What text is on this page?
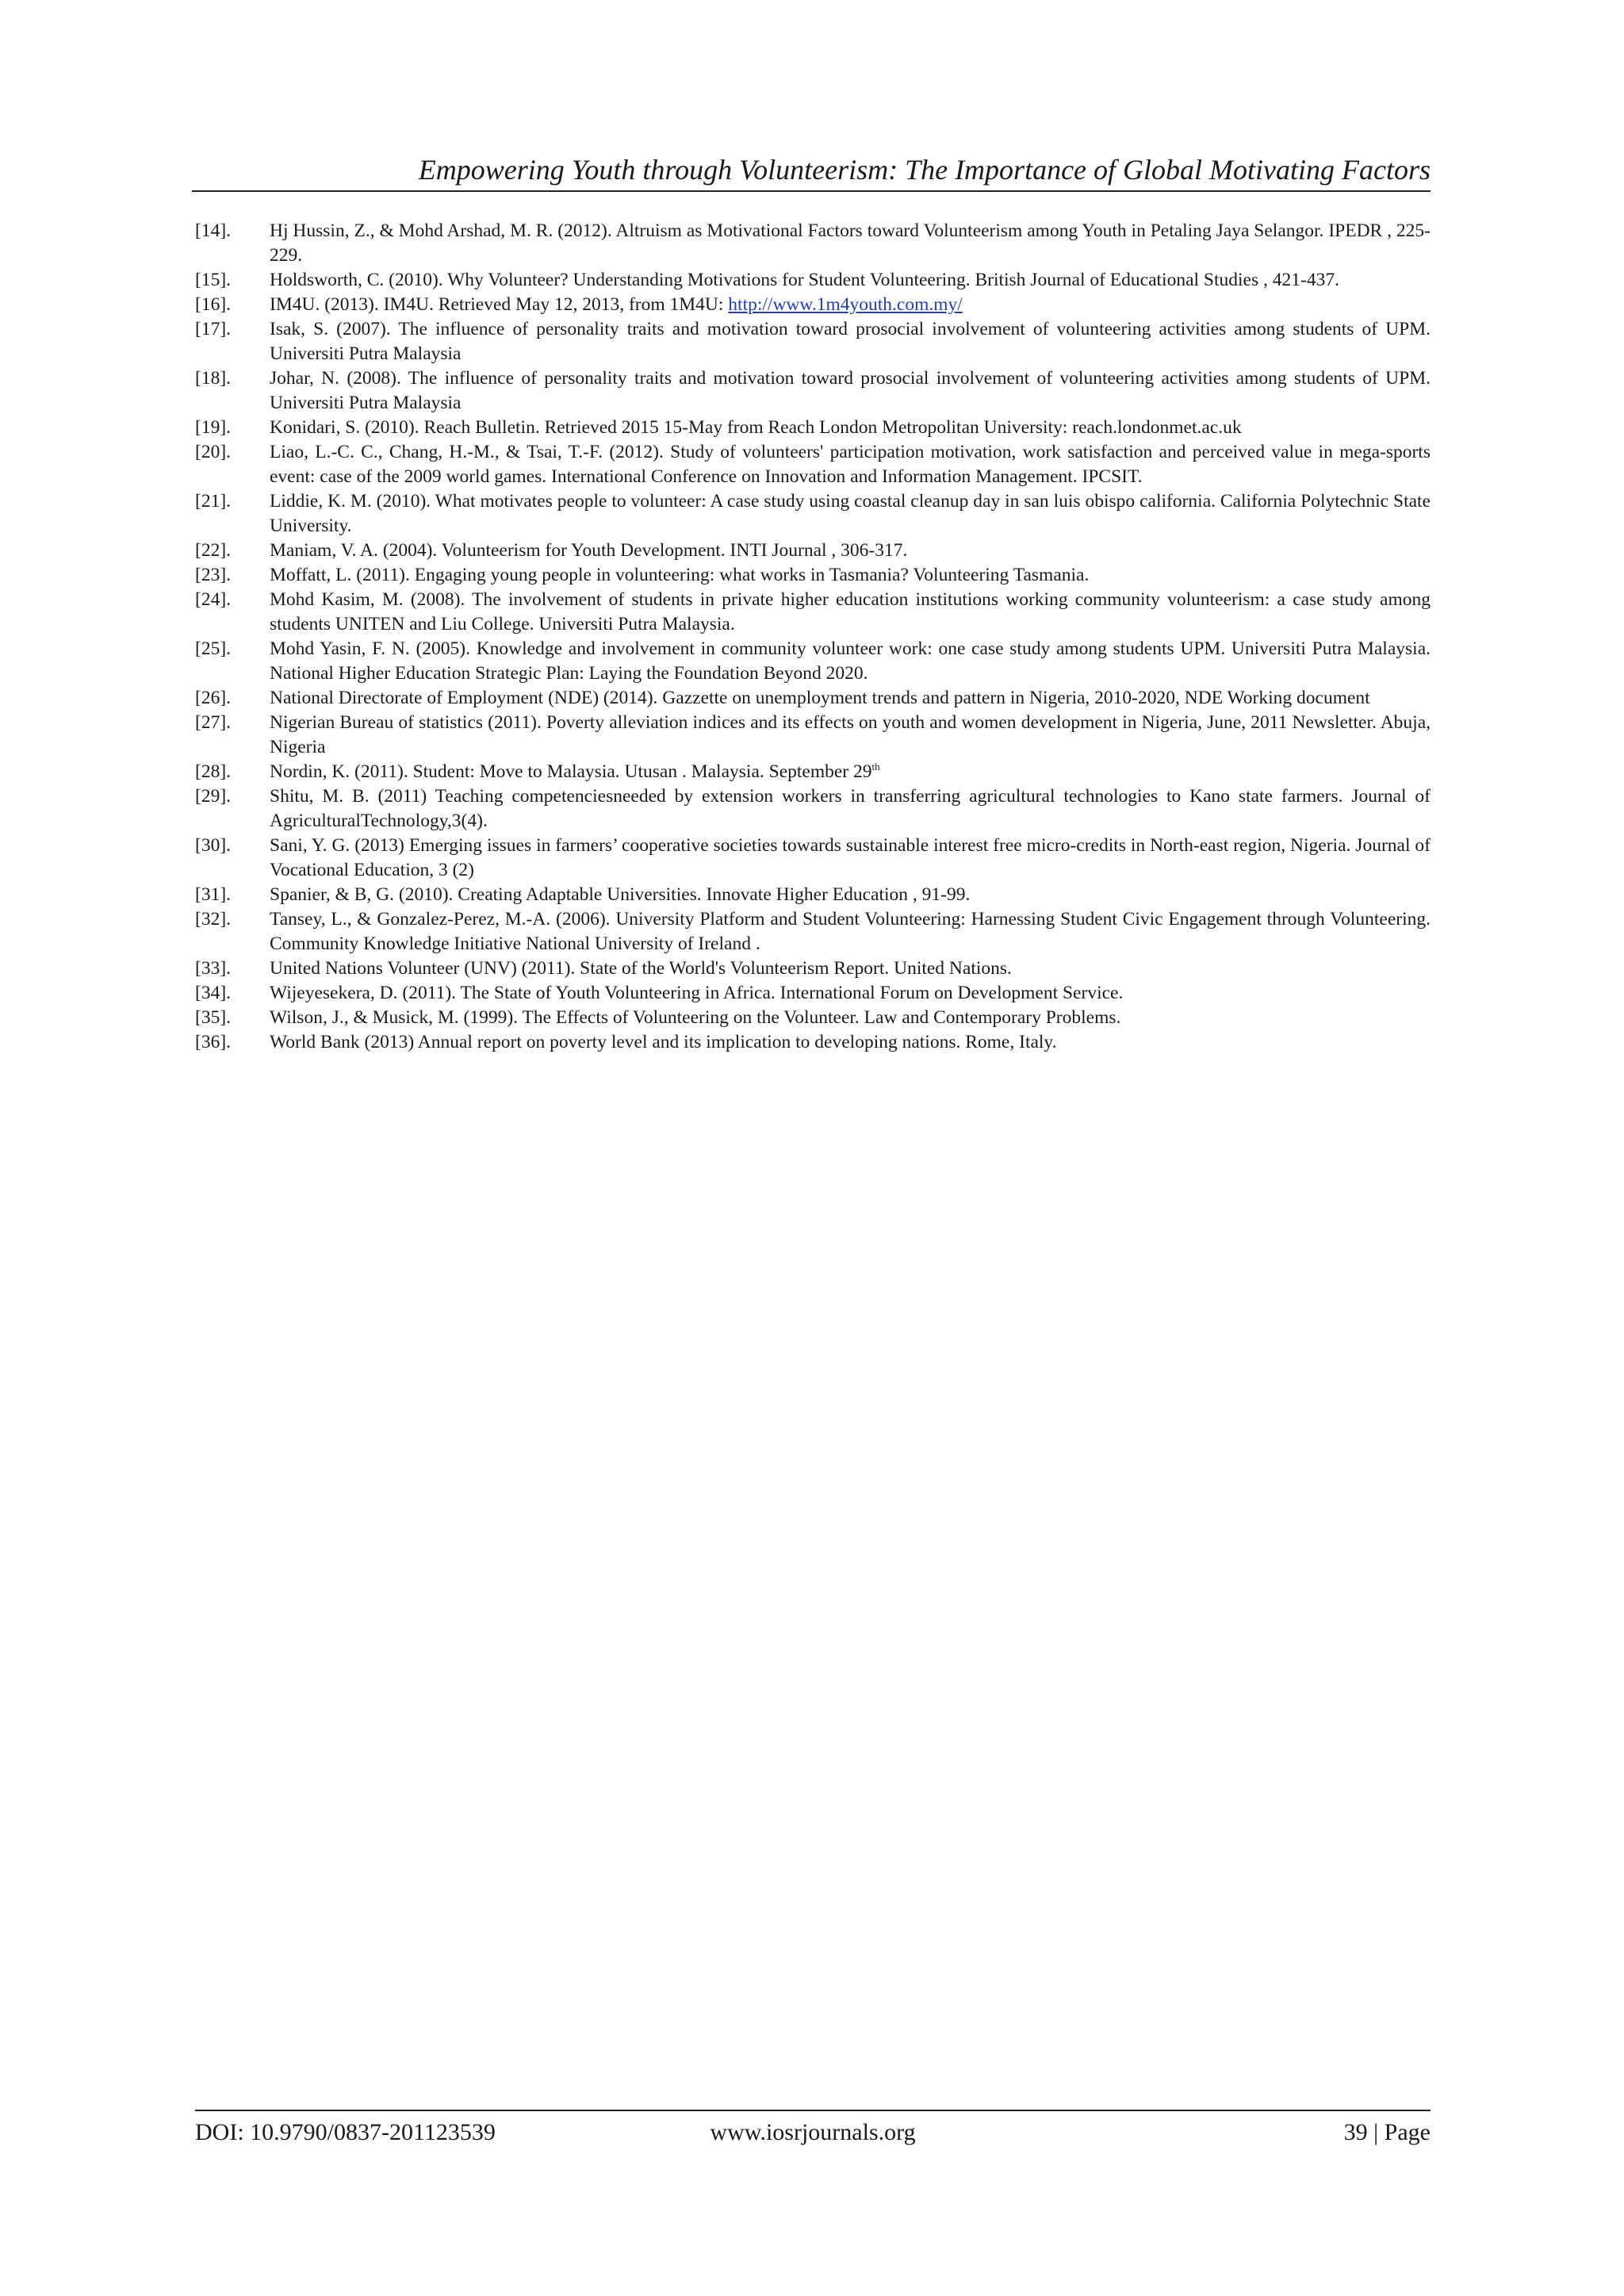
Empowering Youth through Volunteerism: The Importance of Global Motivating Factors
[14].	Hj Hussin, Z., & Mohd Arshad, M. R. (2012). Altruism as Motivational Factors toward Volunteerism among Youth in Petaling Jaya Selangor. IPEDR , 225-229.
[15].	Holdsworth, C. (2010). Why Volunteer? Understanding Motivations for Student Volunteering. British Journal of Educational Studies , 421-437.
[16].	IM4U. (2013). IM4U. Retrieved May 12, 2013, from 1M4U: http://www.1m4youth.com.my/
[17].	Isak, S. (2007). The influence of personality traits and motivation toward prosocial involvement of volunteering activities among students of UPM. Universiti Putra Malaysia
[18].	Johar, N. (2008). The influence of personality traits and motivation toward prosocial involvement of volunteering activities among students of UPM. Universiti Putra Malaysia
[19].	Konidari, S. (2010). Reach Bulletin. Retrieved 2015 15-May from Reach London Metropolitan University: reach.londonmet.ac.uk
[20].	Liao, L.-C. C., Chang, H.-M., & Tsai, T.-F. (2012). Study of volunteers' participation motivation, work satisfaction and perceived value in mega-sports event: case of the 2009 world games. International Conference on Innovation and Information Management. IPCSIT.
[21].	Liddie, K. M. (2010). What motivates people to volunteer: A case study using coastal cleanup day in san luis obispo california. California Polytechnic State University.
[22].	Maniam, V. A. (2004). Volunteerism for Youth Development. INTI Journal , 306-317.
[23].	Moffatt, L. (2011). Engaging young people in volunteering: what works in Tasmania? Volunteering Tasmania.
[24].	Mohd Kasim, M. (2008). The involvement of students in private higher education institutions working community volunteerism: a case study among students UNITEN and Liu College. Universiti Putra Malaysia.
[25].	Mohd Yasin, F. N. (2005). Knowledge and involvement in community volunteer work: one case study among students UPM. Universiti Putra Malaysia. National Higher Education Strategic Plan: Laying the Foundation Beyond 2020.
[26].	National Directorate of Employment (NDE) (2014). Gazzette on unemployment trends and pattern in Nigeria, 2010-2020, NDE Working document
[27].	Nigerian Bureau of statistics (2011). Poverty alleviation indices and its effects on youth and women development in Nigeria, June, 2011 Newsletter. Abuja, Nigeria
[28].	Nordin, K. (2011). Student: Move to Malaysia. Utusan . Malaysia. September 29th
[29].	Shitu, M. B. (2011) Teaching competenciesneeded by extension workers in transferring agricultural technologies to Kano state farmers. Journal of AgriculturalTechnology,3(4).
[30].	Sani, Y. G. (2013) Emerging issues in farmers’ cooperative societies towards sustainable interest free micro-credits in North-east region, Nigeria. Journal of Vocational Education, 3 (2)
[31].	Spanier, & B, G. (2010). Creating Adaptable Universities. Innovate Higher Education , 91-99.
[32].	Tansey, L., & Gonzalez-Perez, M.-A. (2006). University Platform and Student Volunteering: Harnessing Student Civic Engagement through Volunteering. Community Knowledge Initiative National University of Ireland .
[33].	United Nations Volunteer (UNV) (2011). State of the World's Volunteerism Report. United Nations.
[34].	Wijeyesekera, D. (2011). The State of Youth Volunteering in Africa. International Forum on Development Service.
[35].	Wilson, J., & Musick, M. (1999). The Effects of Volunteering on the Volunteer. Law and Contemporary Problems.
[36].	World Bank (2013) Annual report on poverty level and its implication to developing nations. Rome, Italy.
DOI: 10.9790/0837-201123539	www.iosrjournals.org	39 | Page
